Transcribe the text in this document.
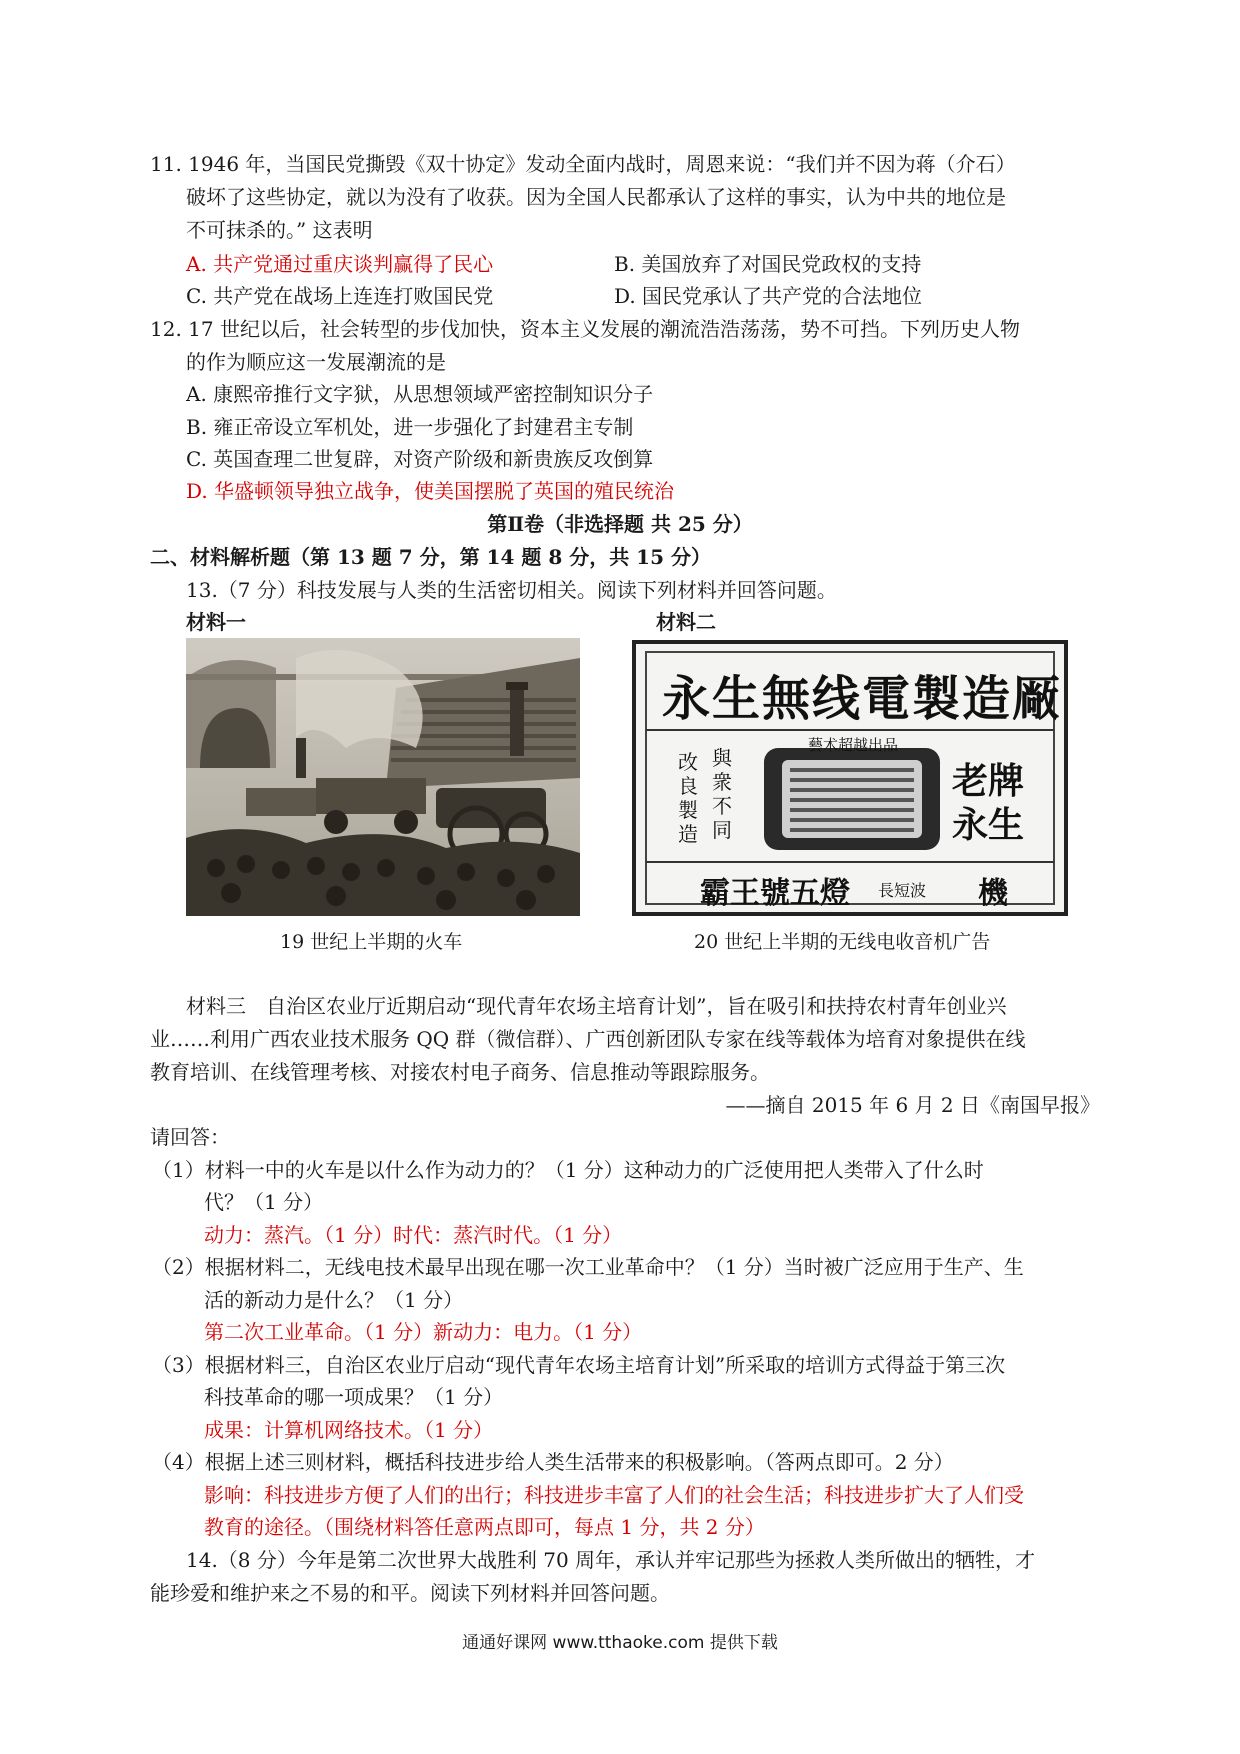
11. 1946 年，当国民党撕毁《双十协定》发动全面内战时，周恩来说：“我们并不因为蒋（介石）
破坏了这些协定，就以为没有了收获。因为全国人民都承认了这样的事实，认为中共的地位是
不可抹杀的。” 这表明
A. 共产党通过重庆谈判赢得了民心	B. 美国放弃了对国民党政权的支持
C. 共产党在战场上连连打败国民党	D. 国民党承认了共产党的合法地位
12. 17 世纪以后，社会转型的步伐加快，资本主义发展的潮流浩浩荡荡，势不可挡。下列历史人物
的作为顺应这一发展潮流的是
A. 康熙帝推行文字狱，从思想领域严密控制知识分子
B. 雍正帝设立军机处，进一步强化了封建君主专制
C. 英国查理二世复辟，对资产阶级和新贵族反攻倒算
D. 华盛顿领导独立战争，使美国摆脱了英国的殖民统治
第Ⅱ卷（非选择题 共 25 分）
二、材料解析题（第 13 题 7 分，第 14 题 8 分，共 15 分）
13.（7 分）科技发展与人类的生活密切相关。阅读下列材料并回答问题。
材料一	材料二
永生無线電製造厰
藝术超越出品
與衆不同
改良製造
老牌 永生
霸王號五燈 長短波 機
19 世纪上半期的火车	20 世纪上半期的无线电收音机广告
材料三　自治区农业厅近期启动“现代青年农场主培育计划”，旨在吸引和扶持农村青年创业兴
业……利用广西农业技术服务 QQ 群（微信群）、广西创新团队专家在线等载体为培育对象提供在线
教育培训、在线管理考核、对接农村电子商务、信息推动等跟踪服务。
——摘自 2015 年 6 月 2 日《南国早报》
请回答：
（1）材料一中的火车是以什么作为动力的？（1 分）这种动力的广泛使用把人类带入了什么时
代？（1 分）
动力：蒸汽。（1 分）时代：蒸汽时代。（1 分）
（2）根据材料二，无线电技术最早出现在哪一次工业革命中？（1 分）当时被广泛应用于生产、生
活的新动力是什么？（1 分）
第二次工业革命。（1 分）新动力：电力。（1 分）
（3）根据材料三，自治区农业厅启动“现代青年农场主培育计划”所采取的培训方式得益于第三次
科技革命的哪一项成果？（1 分）
成果：计算机网络技术。（1 分）
（4）根据上述三则材料，概括科技进步给人类生活带来的积极影响。（答两点即可。2 分）
影响：科技进步方便了人们的出行；科技进步丰富了人们的社会生活；科技进步扩大了人们受
教育的途径。（围绕材料答任意两点即可，每点 1 分，共 2 分）
14.（8 分）今年是第二次世界大战胜利 70 周年，承认并牢记那些为拯救人类所做出的牺牲，才
能珍爱和维护来之不易的和平。阅读下列材料并回答问题。
通通好课网 www.tthaoke.com 提供下载
